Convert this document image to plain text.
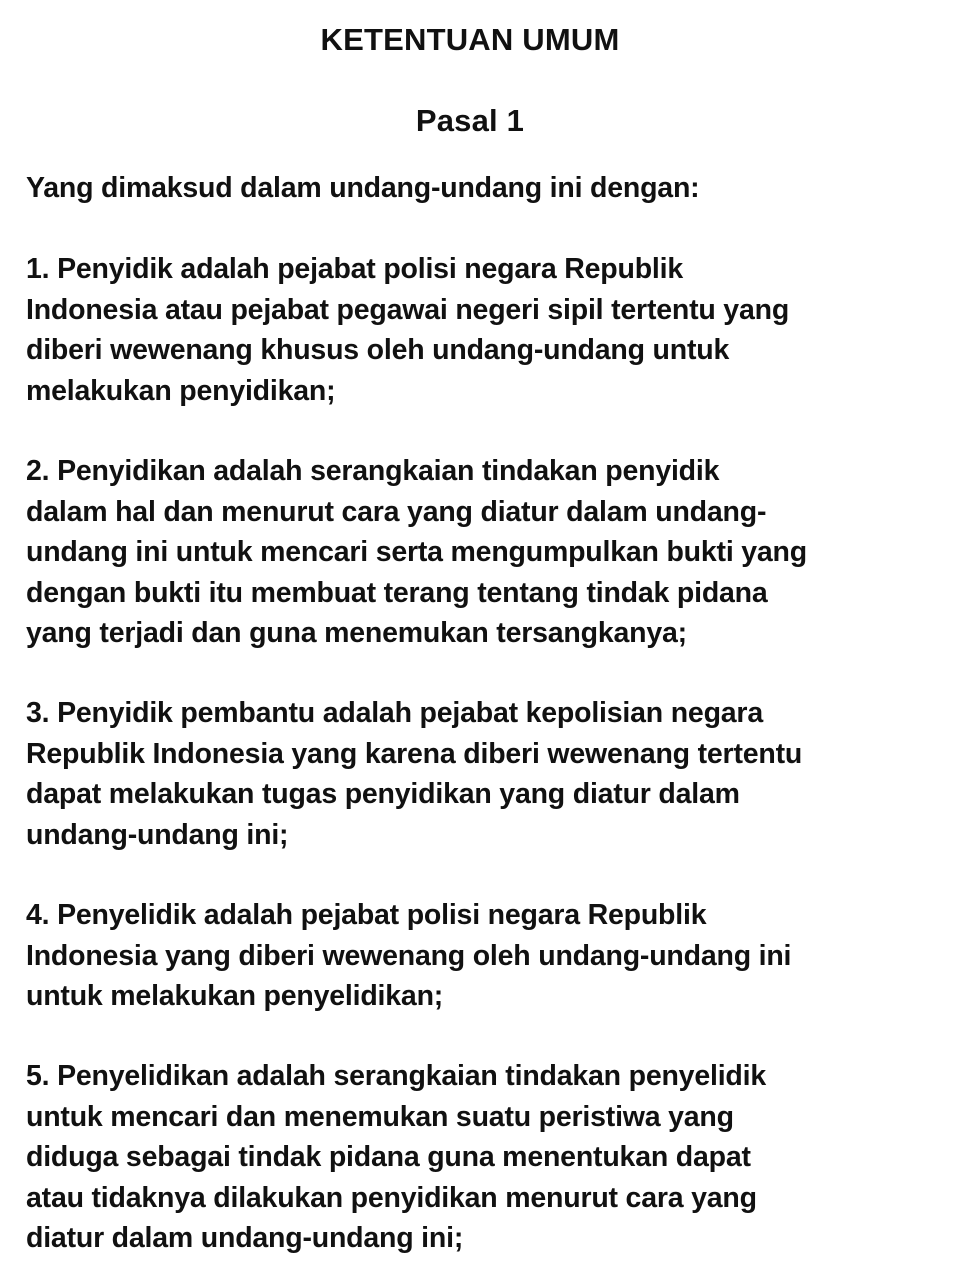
KETENTUAN UMUM
Pasal 1
Yang dimaksud dalam undang-undang ini dengan:
1. Penyidik adalah pejabat polisi negara Republik
Indonesia atau pejabat pegawai negeri sipil tertentu yang
diberi wewenang khusus oleh undang-undang untuk
melakukan penyidikan;
2. Penyidikan adalah serangkaian tindakan penyidik
dalam hal dan menurut cara yang diatur dalam undang-
undang ini untuk mencari serta mengumpulkan bukti yang
dengan bukti itu membuat terang tentang tindak pidana
yang terjadi dan guna menemukan tersangkanya;
3. Penyidik pembantu adalah pejabat kepolisian negara
Republik Indonesia yang karena diberi wewenang tertentu
dapat melakukan tugas penyidikan yang diatur dalam
undang-undang ini;
4. Penyelidik adalah pejabat polisi negara Republik
Indonesia yang diberi wewenang oleh undang-undang ini
untuk melakukan penyelidikan;
5. Penyelidikan adalah serangkaian tindakan penyelidik
untuk mencari dan menemukan suatu peristiwa yang
diduga sebagai tindak pidana guna menentukan dapat
atau tidaknya dilakukan penyidikan menurut cara yang
diatur dalam undang-undang ini;
